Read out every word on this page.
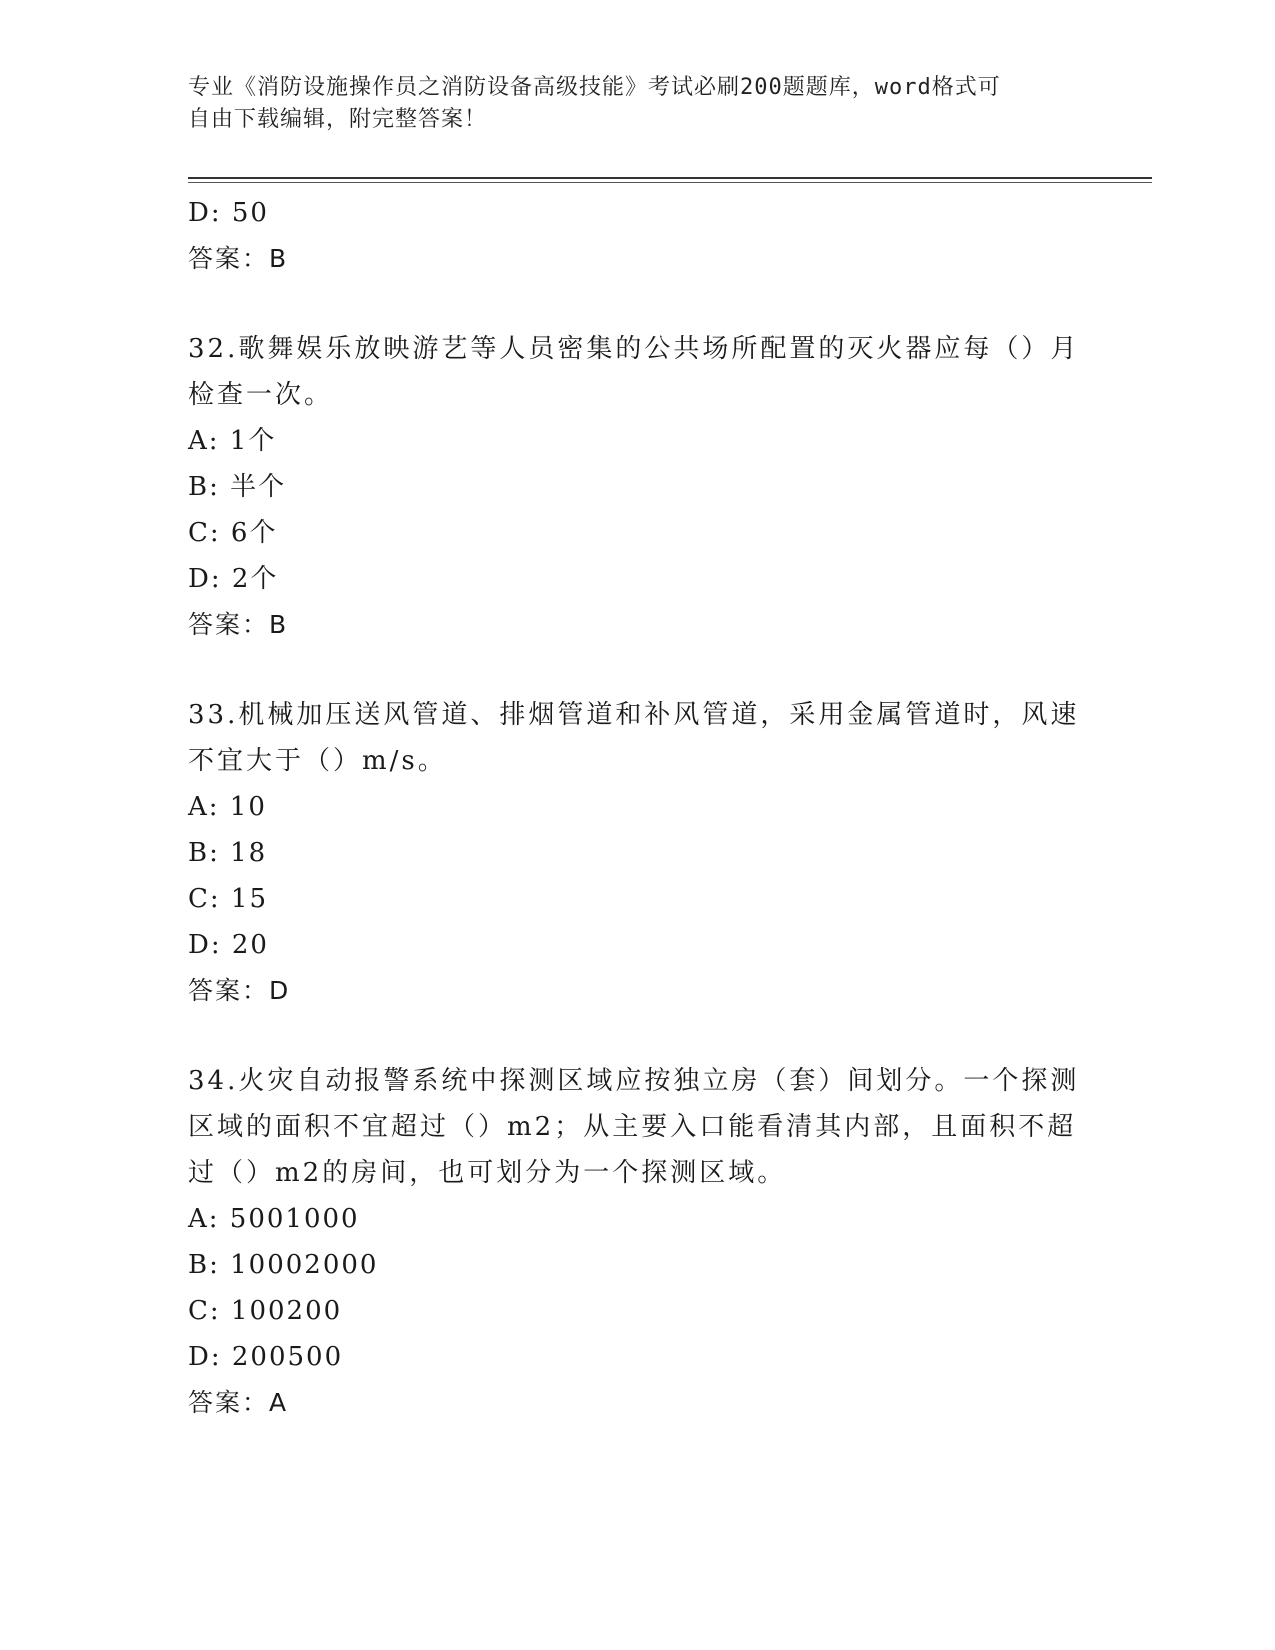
专业《消防设施操作员之消防设备高级技能》考试必刷200题题库，word格式可
自由下载编辑，附完整答案！
D: 50
答案：B
32.歌舞娱乐放映游艺等人员密集的公共场所配置的灭火器应每（）月
检查一次。
A: 1个
B: 半个
C: 6个
D: 2个
答案：B
33.机械加压送风管道、排烟管道和补风管道，采用金属管道时，风速
不宜大于（）m/s。
A: 10
B: 18
C: 15
D: 20
答案：D
34.火灾自动报警系统中探测区域应按独立房（套）间划分。一个探测
区域的面积不宜超过（）m2；从主要入口能看清其内部，且面积不超
过（）m2的房间，也可划分为一个探测区域。
A: 5001000
B: 10002000
C: 100200
D: 200500
答案：A
